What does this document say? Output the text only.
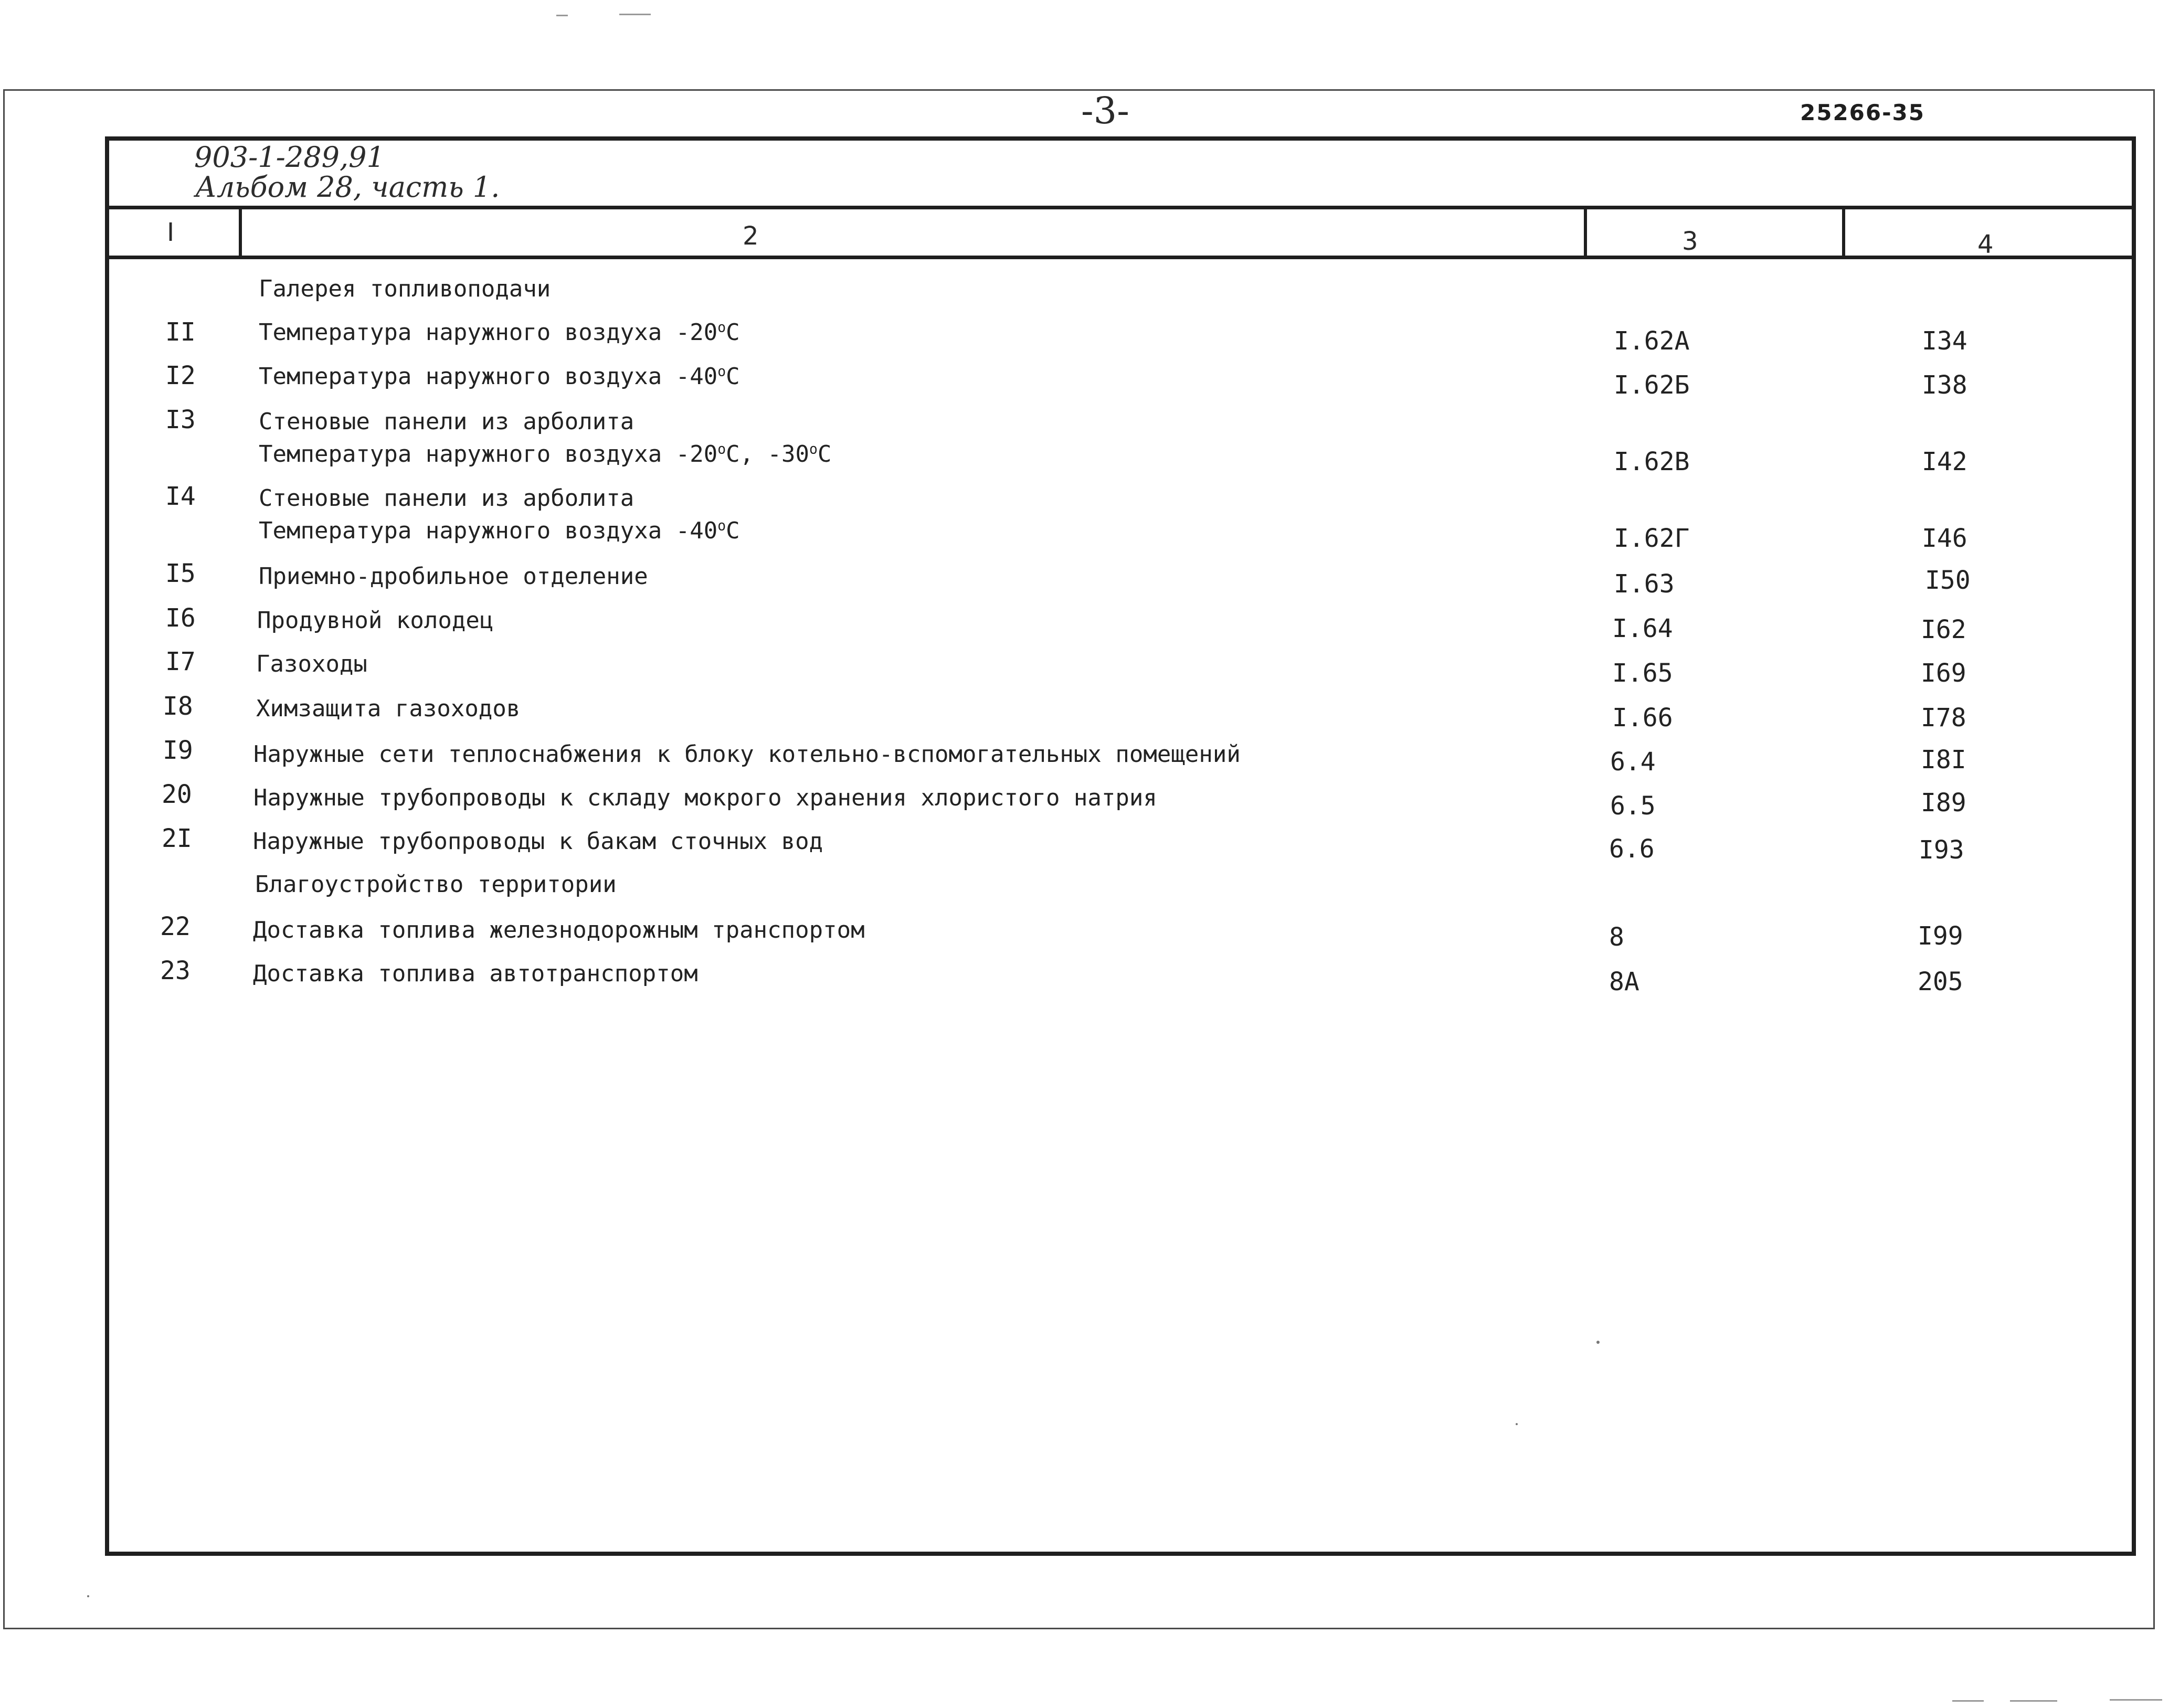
-3-	25266-35
903-1-289,91
Альбом 28, часть 1.
I	2	3	4
Галерея топливоподачи
II	Температура наружного воздуха -20$^o$C	I.62A	I34
I2	Температура наружного воздуха -40$^o$C	I.62Б	I38
I3	Стеновые панели из арболита
Температура наружного воздуха -20$^o$C, -30$^o$C	I.62B	I42
I4	Стеновые панели из арболита
Температура наружного воздуха -40$^o$C	I.62Г	I46
I5	Приемно-дробильное отделение	I.63	I50
I6	Продувной колодец	I.64	I62
I7	Газоходы	I.65	I69
I8	Химзащита газоходов	I.66	I78
I9	Наружные сети теплоснабжения к блоку котельно-вспомогательных помещений	6.4	I8I
20	Наружные трубопроводы к складу мокрого хранения хлористого натрия	6.5	I89
2I	Наружные трубопроводы к бакам сточных вод	6.6	I93
Благоустройство территории
22	Доставка топлива железнодорожным транспортом	8	I99
23	Доставка топлива автотранспортом	8A	205
